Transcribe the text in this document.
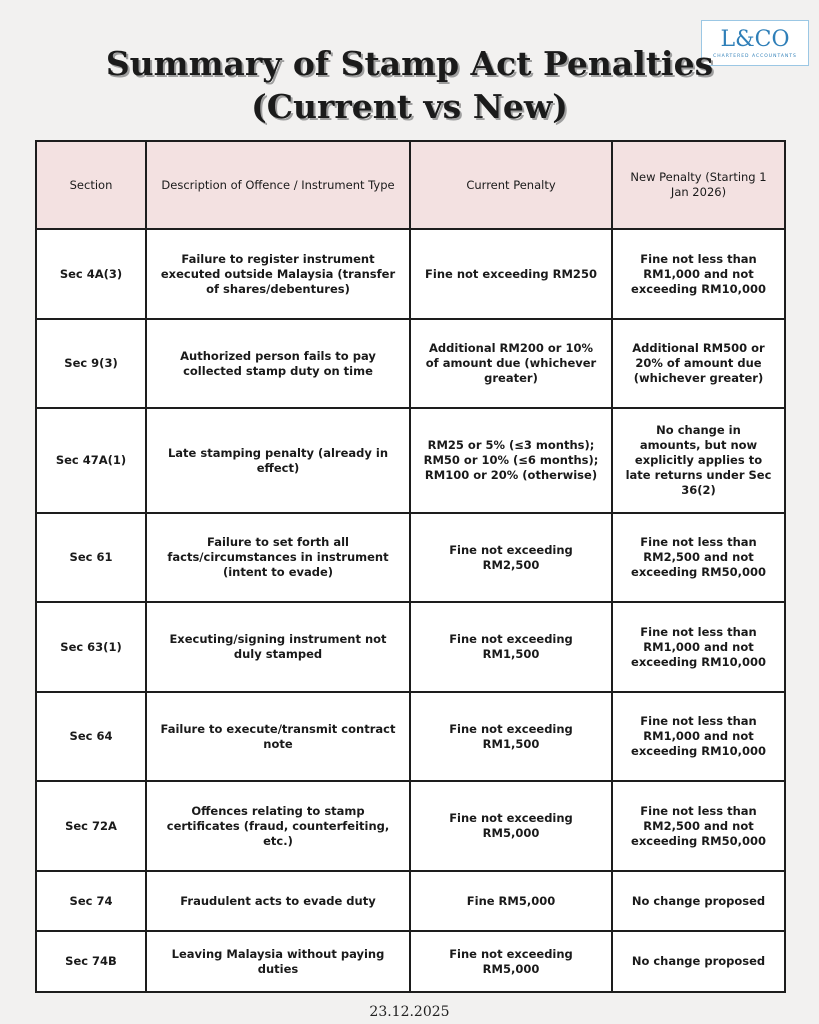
L&CO
CHARTERED ACCOUNTANTS
Summary of Stamp Act Penalties
(Current vs New)
Section	Description of Offence / Instrument Type	Current Penalty	New Penalty (Starting 1 Jan 2026)
Sec 4A(3)	Failure to register instrument executed outside Malaysia (transfer of shares/debentures)	Fine not exceeding RM250	Fine not less than RM1,000 and not exceeding RM10,000
Sec 9(3)	Authorized person fails to pay collected stamp duty on time	Additional RM200 or 10% of amount due (whichever greater)	Additional RM500 or 20% of amount due (whichever greater)
Sec 47A(1)	Late stamping penalty (already in effect)	RM25 or 5% (≤3 months); RM50 or 10% (≤6 months); RM100 or 20% (otherwise)	No change in amounts, but now explicitly applies to late returns under Sec 36(2)
Sec 61	Failure to set forth all facts/circumstances in instrument (intent to evade)	Fine not exceeding RM2,500	Fine not less than RM2,500 and not exceeding RM50,000
Sec 63(1)	Executing/signing instrument not duly stamped	Fine not exceeding RM1,500	Fine not less than RM1,000 and not exceeding RM10,000
Sec 64	Failure to execute/transmit contract note	Fine not exceeding RM1,500	Fine not less than RM1,000 and not exceeding RM10,000
Sec 72A	Offences relating to stamp certificates (fraud, counterfeiting, etc.)	Fine not exceeding RM5,000	Fine not less than RM2,500 and not exceeding RM50,000
Sec 74	Fraudulent acts to evade duty	Fine RM5,000	No change proposed
Sec 74B	Leaving Malaysia without paying duties	Fine not exceeding RM5,000	No change proposed
23.12.2025
